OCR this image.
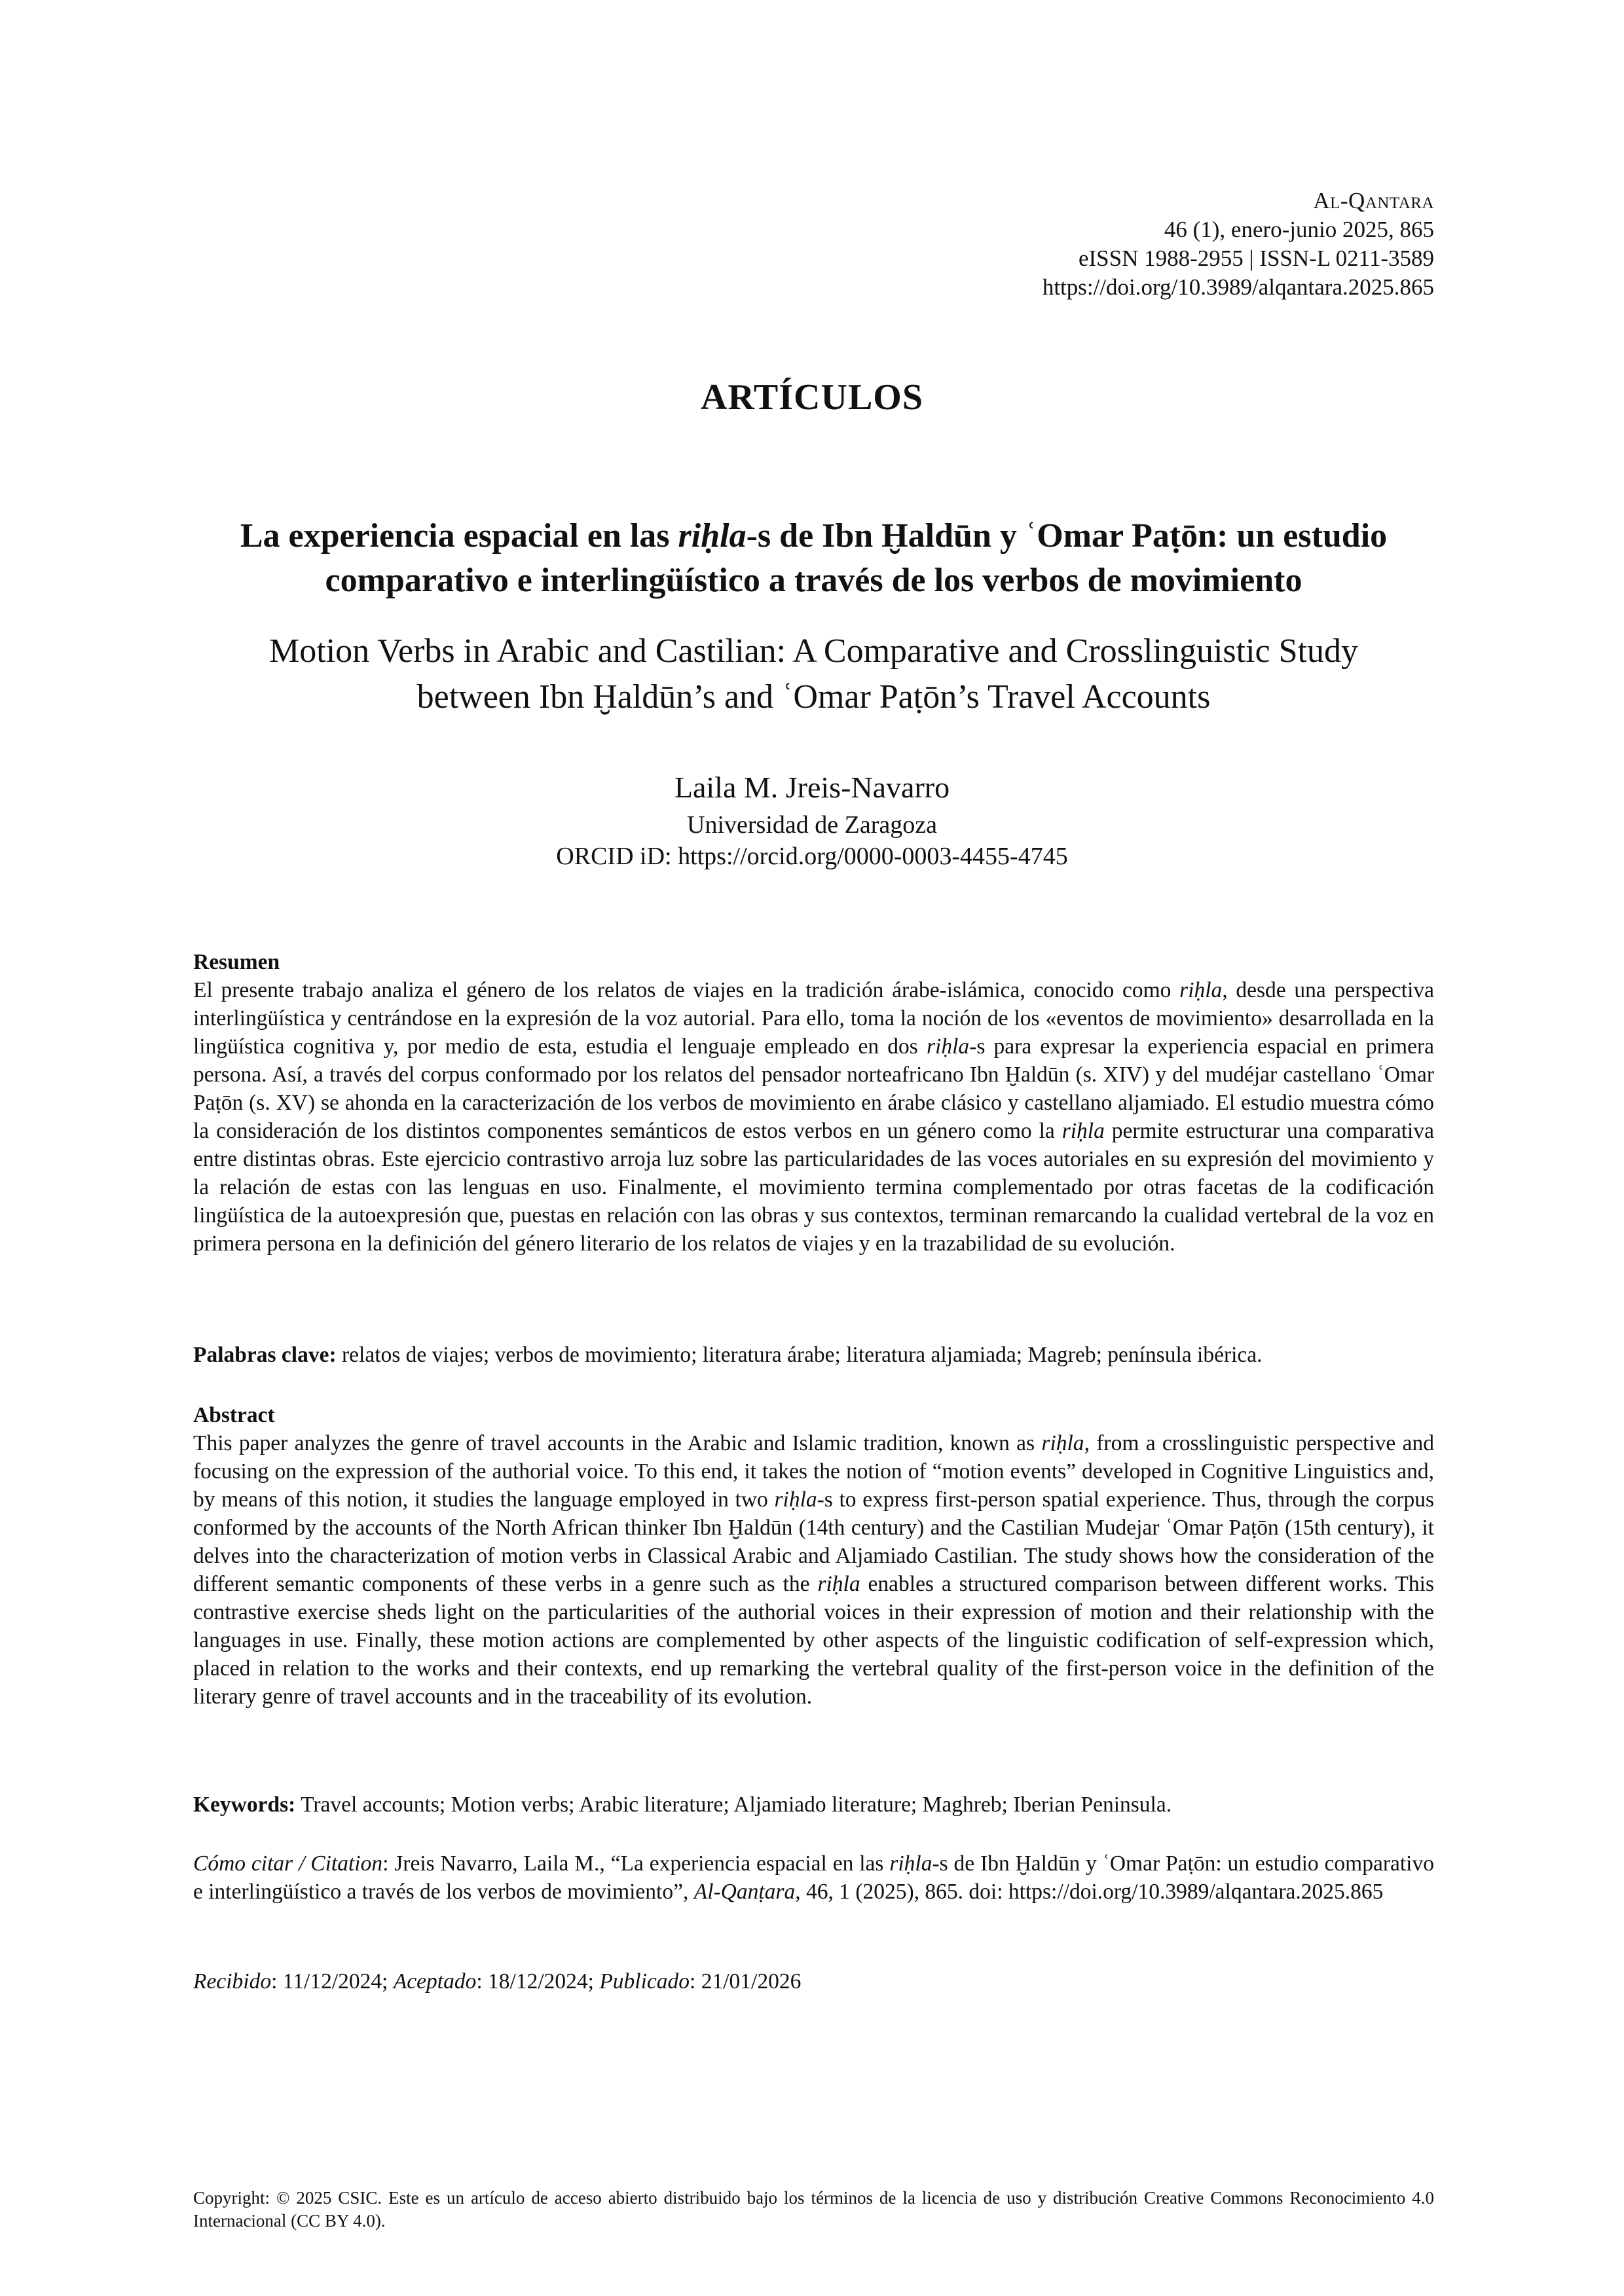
Al-Qantara
46 (1), enero-junio 2025, 865
eISSN 1988-2955 | ISSN-L 0211-3589
https://doi.org/10.3989/alqantara.2025.865
ARTÍCULOS
La experiencia espacial en las riḥla-s de Ibn Ḫaldūn y ʿOmar Paṭōn: un estudio comparativo e interlingüístico a través de los verbos de movimiento
Motion Verbs in Arabic and Castilian: A Comparative and Crosslinguistic Study
between Ibn Ḫaldūn’s and ʿOmar Paṭōn’s Travel Accounts
Laila M. Jreis-Navarro
Universidad de Zaragoza
ORCID iD: https://orcid.org/0000-0003-4455-4745
Resumen
El presente trabajo analiza el género de los relatos de viajes en la tradición árabe-islámica, conocido como riḥla, desde una perspectiva interlingüística y centrándose en la expresión de la voz autorial. Para ello, toma la noción de los «eventos de movimiento» desarrollada en la lingüística cognitiva y, por medio de esta, estudia el lenguaje empleado en dos riḥla-s para expresar la experiencia espacial en primera persona. Así, a través del corpus conformado por los relatos del pensador norteafricano Ibn Ḫaldūn (s. XIV) y del mudéjar castellano ʿOmar Paṭōn (s. XV) se ahonda en la caracterización de los verbos de movimiento en árabe clásico y castellano aljamiado. El estudio muestra cómo la consideración de los distintos componentes semánticos de estos verbos en un género como la riḥla permite estructurar una comparativa entre distintas obras. Este ejercicio contrastivo arroja luz sobre las particularidades de las voces autoriales en su expresión del movimiento y la relación de estas con las lenguas en uso. Finalmente, el movimiento termina complementado por otras facetas de la codificación lingüística de la autoexpresión que, puestas en relación con las obras y sus contextos, terminan remarcando la cualidad vertebral de la voz en primera persona en la definición del género literario de los relatos de viajes y en la trazabilidad de su evolución.
Palabras clave: relatos de viajes; verbos de movimiento; literatura árabe; literatura aljamiada; Magreb; península ibérica.
Abstract
This paper analyzes the genre of travel accounts in the Arabic and Islamic tradition, known as riḥla, from a crosslinguistic perspective and focusing on the expression of the authorial voice. To this end, it takes the notion of “motion events” developed in Cognitive Linguistics and, by means of this notion, it studies the language employed in two riḥla-s to express first-person spatial experience. Thus, through the corpus conformed by the accounts of the North African thinker Ibn Ḫaldūn (14th century) and the Castilian Mudejar ʿOmar Paṭōn (15th century), it delves into the characterization of motion verbs in Classical Arabic and Aljamiado Castilian. The study shows how the consideration of the different semantic components of these verbs in a genre such as the riḥla enables a structured comparison between different works. This contrastive exercise sheds light on the particularities of the authorial voices in their expression of motion and their relationship with the languages in use. Finally, these motion actions are complemented by other aspects of the linguistic codification of self-expression which, placed in relation to the works and their contexts, end up remarking the vertebral quality of the first-person voice in the definition of the literary genre of travel accounts and in the traceability of its evolution.
Keywords: Travel accounts; Motion verbs; Arabic literature; Aljamiado literature; Maghreb; Iberian Peninsula.
Cómo citar / Citation: Jreis Navarro, Laila M., “La experiencia espacial en las riḥla-s de Ibn Ḫaldūn y ʿOmar Paṭōn: un estudio comparativo e interlingüístico a través de los verbos de movimiento”, Al-Qanṭara, 46, 1 (2025), 865. doi: https://doi.org/10.3989/alqantara.2025.865
Recibido: 11/12/2024; Aceptado: 18/12/2024; Publicado: 21/01/2026
Copyright: © 2025 CSIC. Este es un artículo de acceso abierto distribuido bajo los términos de la licencia de uso y distribución Creative Commons Reconocimiento 4.0 Internacional (CC BY 4.0).
